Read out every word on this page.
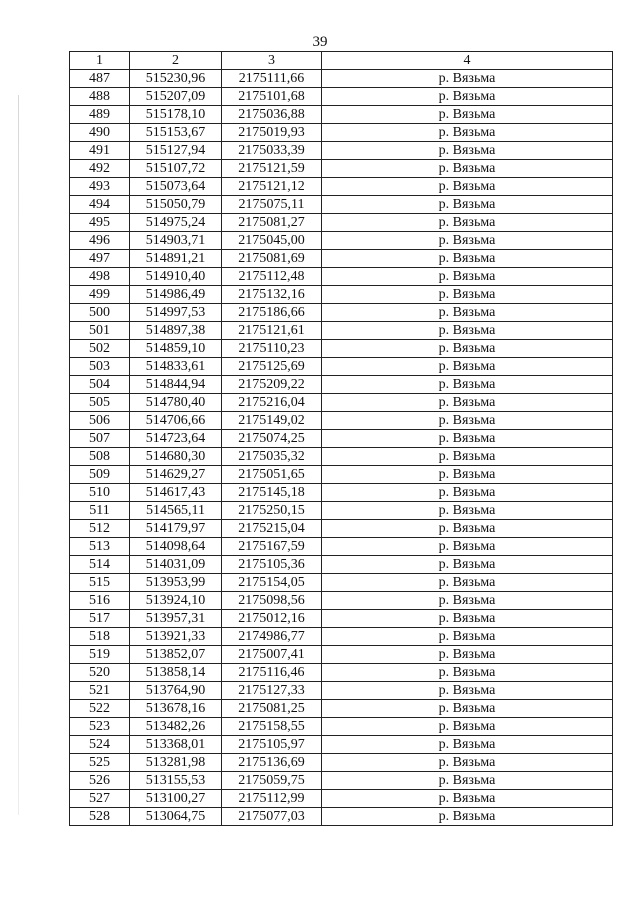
39
1	2	3	4
487	515230,96	2175111,66	р. Вязьма
488	515207,09	2175101,68	р. Вязьма
489	515178,10	2175036,88	р. Вязьма
490	515153,67	2175019,93	р. Вязьма
491	515127,94	2175033,39	р. Вязьма
492	515107,72	2175121,59	р. Вязьма
493	515073,64	2175121,12	р. Вязьма
494	515050,79	2175075,11	р. Вязьма
495	514975,24	2175081,27	р. Вязьма
496	514903,71	2175045,00	р. Вязьма
497	514891,21	2175081,69	р. Вязьма
498	514910,40	2175112,48	р. Вязьма
499	514986,49	2175132,16	р. Вязьма
500	514997,53	2175186,66	р. Вязьма
501	514897,38	2175121,61	р. Вязьма
502	514859,10	2175110,23	р. Вязьма
503	514833,61	2175125,69	р. Вязьма
504	514844,94	2175209,22	р. Вязьма
505	514780,40	2175216,04	р. Вязьма
506	514706,66	2175149,02	р. Вязьма
507	514723,64	2175074,25	р. Вязьма
508	514680,30	2175035,32	р. Вязьма
509	514629,27	2175051,65	р. Вязьма
510	514617,43	2175145,18	р. Вязьма
511	514565,11	2175250,15	р. Вязьма
512	514179,97	2175215,04	р. Вязьма
513	514098,64	2175167,59	р. Вязьма
514	514031,09	2175105,36	р. Вязьма
515	513953,99	2175154,05	р. Вязьма
516	513924,10	2175098,56	р. Вязьма
517	513957,31	2175012,16	р. Вязьма
518	513921,33	2174986,77	р. Вязьма
519	513852,07	2175007,41	р. Вязьма
520	513858,14	2175116,46	р. Вязьма
521	513764,90	2175127,33	р. Вязьма
522	513678,16	2175081,25	р. Вязьма
523	513482,26	2175158,55	р. Вязьма
524	513368,01	2175105,97	р. Вязьма
525	513281,98	2175136,69	р. Вязьма
526	513155,53	2175059,75	р. Вязьма
527	513100,27	2175112,99	р. Вязьма
528	513064,75	2175077,03	р. Вязьма
